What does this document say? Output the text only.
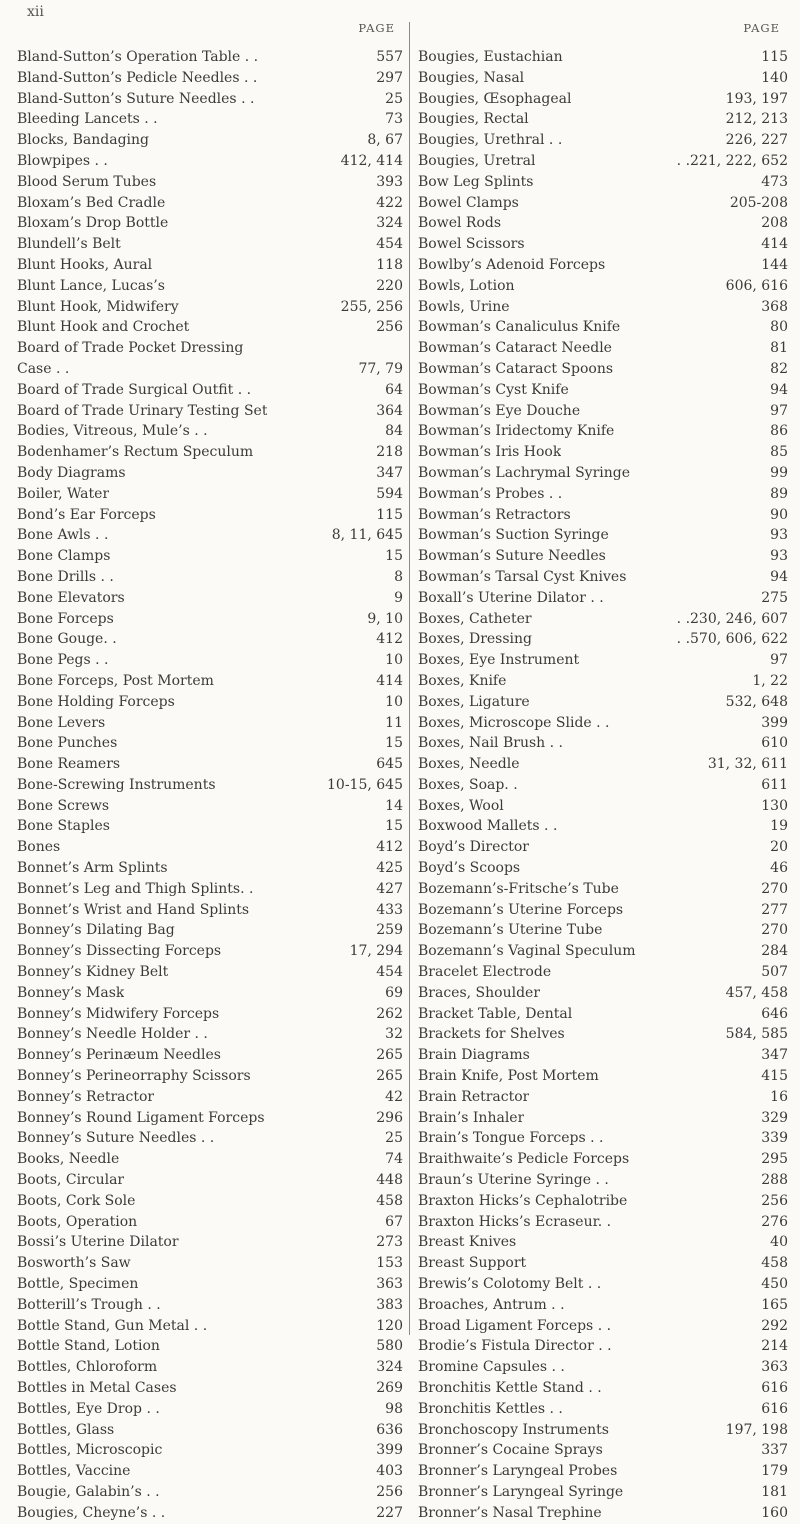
xii
PAGE
Bland-Sutton’s Operation Table . .	557
Bland-Sutton’s Pedicle Needles . .	297
Bland-Sutton’s Suture Needles . .	25
Bleeding Lancets . .	73
Blocks, Bandaging	8, 67
Blowpipes . .	412, 414
Blood Serum Tubes	393
Bloxam’s Bed Cradle	422
Bloxam’s Drop Bottle	324
Blundell’s Belt	454
Blunt Hooks, Aural	118
Blunt Lance, Lucas’s	220
Blunt Hook, Midwifery	255, 256
Blunt Hook and Crochet	256
Board of Trade Pocket Dressing
Case . .	77, 79
Board of Trade Surgical Outfit . .	64
Board of Trade Urinary Testing Set	364
Bodies, Vitreous, Mule’s . .	84
Bodenhamer’s Rectum Speculum	218
Body Diagrams	347
Boiler, Water	594
Bond’s Ear Forceps	115
Bone Awls . .	8, 11, 645
Bone Clamps	15
Bone Drills . .	8
Bone Elevators	9
Bone Forceps	9, 10
Bone Gouge. .	412
Bone Pegs . .	10
Bone Forceps, Post Mortem	414
Bone Holding Forceps	10
Bone Levers	11
Bone Punches	15
Bone Reamers	645
Bone-Screwing Instruments	10-15, 645
Bone Screws	14
Bone Staples	15
Bones	412
Bonnet’s Arm Splints	425
Bonnet’s Leg and Thigh Splints. .	427
Bonnet’s Wrist and Hand Splints	433
Bonney’s Dilating Bag	259
Bonney’s Dissecting Forceps	17, 294
Bonney’s Kidney Belt	454
Bonney’s Mask	69
Bonney’s Midwifery Forceps	262
Bonney’s Needle Holder . .	32
Bonney’s Perinæum Needles	265
Bonney’s Perineorraphy Scissors	265
Bonney’s Retractor	42
Bonney’s Round Ligament Forceps	296
Bonney’s Suture Needles . .	25
Books, Needle	74
Boots, Circular	448
Boots, Cork Sole	458
Boots, Operation	67
Bossi’s Uterine Dilator	273
Bosworth’s Saw	153
Bottle, Specimen	363
Botterill’s Trough . .	383
Bottle Stand, Gun Metal . .	120
Bottle Stand, Lotion	580
Bottles, Chloroform	324
Bottles in Metal Cases	269
Bottles, Eye Drop . .	98
Bottles, Glass	636
Bottles, Microscopic	399
Bottles, Vaccine	403
Bougie, Galabin’s . .	256
Bougies, Cheyne’s . .	227
PAGE
Bougies, Eustachian	115
Bougies, Nasal	140
Bougies, Œsophageal	193, 197
Bougies, Rectal	212, 213
Bougies, Urethral . .	226, 227
Bougies, Uretral	. .221, 222, 652
Bow Leg Splints	473
Bowel Clamps	205-208
Bowel Rods	208
Bowel Scissors	414
Bowlby’s Adenoid Forceps	144
Bowls, Lotion	606, 616
Bowls, Urine	368
Bowman’s Canaliculus Knife	80
Bowman’s Cataract Needle	81
Bowman’s Cataract Spoons	82
Bowman’s Cyst Knife	94
Bowman’s Eye Douche	97
Bowman’s Iridectomy Knife	86
Bowman’s Iris Hook	85
Bowman’s Lachrymal Syringe	99
Bowman’s Probes . .	89
Bowman’s Retractors	90
Bowman’s Suction Syringe	93
Bowman’s Suture Needles	93
Bowman’s Tarsal Cyst Knives	94
Boxall’s Uterine Dilator . .	275
Boxes, Catheter	. .230, 246, 607
Boxes, Dressing	. .570, 606, 622
Boxes, Eye Instrument	97
Boxes, Knife	1, 22
Boxes, Ligature	532, 648
Boxes, Microscope Slide . .	399
Boxes, Nail Brush . .	610
Boxes, Needle	31, 32, 611
Boxes, Soap. .	611
Boxes, Wool	130
Boxwood Mallets . .	19
Boyd’s Director	20
Boyd’s Scoops	46
Bozemann’s-Fritsche’s Tube	270
Bozemann’s Uterine Forceps	277
Bozemann’s Uterine Tube	270
Bozemann’s Vaginal Speculum	284
Bracelet Electrode	507
Braces, Shoulder	457, 458
Bracket Table, Dental	646
Brackets for Shelves	584, 585
Brain Diagrams	347
Brain Knife, Post Mortem	415
Brain Retractor	16
Brain’s Inhaler	329
Brain’s Tongue Forceps . .	339
Braithwaite’s Pedicle Forceps	295
Braun’s Uterine Syringe . .	288
Braxton Hicks’s Cephalotribe	256
Braxton Hicks’s Ecraseur. .	276
Breast Knives	40
Breast Support	458
Brewis’s Colotomy Belt . .	450
Broaches, Antrum . .	165
Broad Ligament Forceps . .	292
Brodie’s Fistula Director . .	214
Bromine Capsules . .	363
Bronchitis Kettle Stand . .	616
Bronchitis Kettles . .	616
Bronchoscopy Instruments	197, 198
Bronner’s Cocaine Sprays	337
Bronner’s Laryngeal Probes	179
Bronner’s Laryngeal Syringe	181
Bronner’s Nasal Trephine	160
